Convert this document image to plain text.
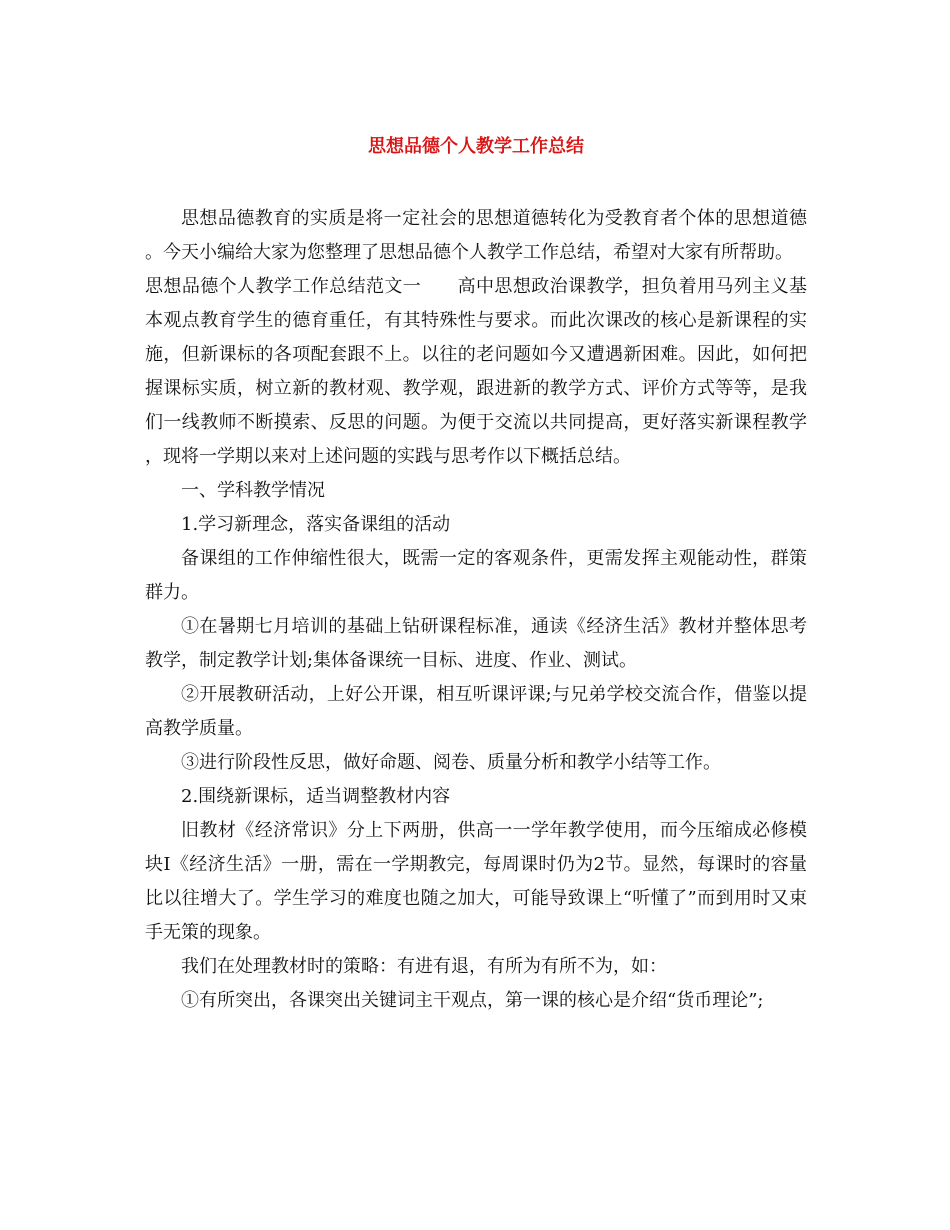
思想品德个人教学工作总结

思想品德教育的实质是将一定社会的思想道德转化为受教育者个体的思想道德。今天小编给大家为您整理了思想品德个人教学工作总结，希望对大家有所帮助。

思想品德个人教学工作总结范文一 高中思想政治课教学，担负着用马列主义基本观点教育学生的德育重任，有其特殊性与要求。而此次课改的核心是新课程的实施，但新课标的各项配套跟不上。以往的老问题如今又遭遇新困难。因此，如何把握课标实质，树立新的教材观、教学观，跟进新的教学方式、评价方式等等，是我们一线教师不断摸索、反思的问题。为便于交流以共同提高，更好落实新课程教学，现将一学期以来对上述问题的实践与思考作以下概括总结。

一、学科教学情况

1.学习新理念，落实备课组的活动

备课组的工作伸缩性很大，既需一定的客观条件，更需发挥主观能动性，群策群力。

①在暑期七月培训的基础上钻研课程标准，通读《经济生活》教材并整体思考教学，制定教学计划;集体备课统一目标、进度、作业、测试。

②开展教研活动，上好公开课，相互听课评课;与兄弟学校交流合作，借鉴以提高教学质量。

③进行阶段性反思，做好命题、阅卷、质量分析和教学小结等工作。

2.围绕新课标，适当调整教材内容

旧教材《经济常识》分上下两册，供高一一学年教学使用，而今压缩成必修模块Ⅰ《经济生活》一册，需在一学期教完，每周课时仍为2节。显然，每课时的容量比以往增大了。学生学习的难度也随之加大，可能导致课上“听懂了”而到用时又束手无策的现象。

我们在处理教材时的策略：有进有退，有所为有所不为，如：

①有所突出，各课突出关键词主干观点，第一课的核心是介绍“货币理论”;
